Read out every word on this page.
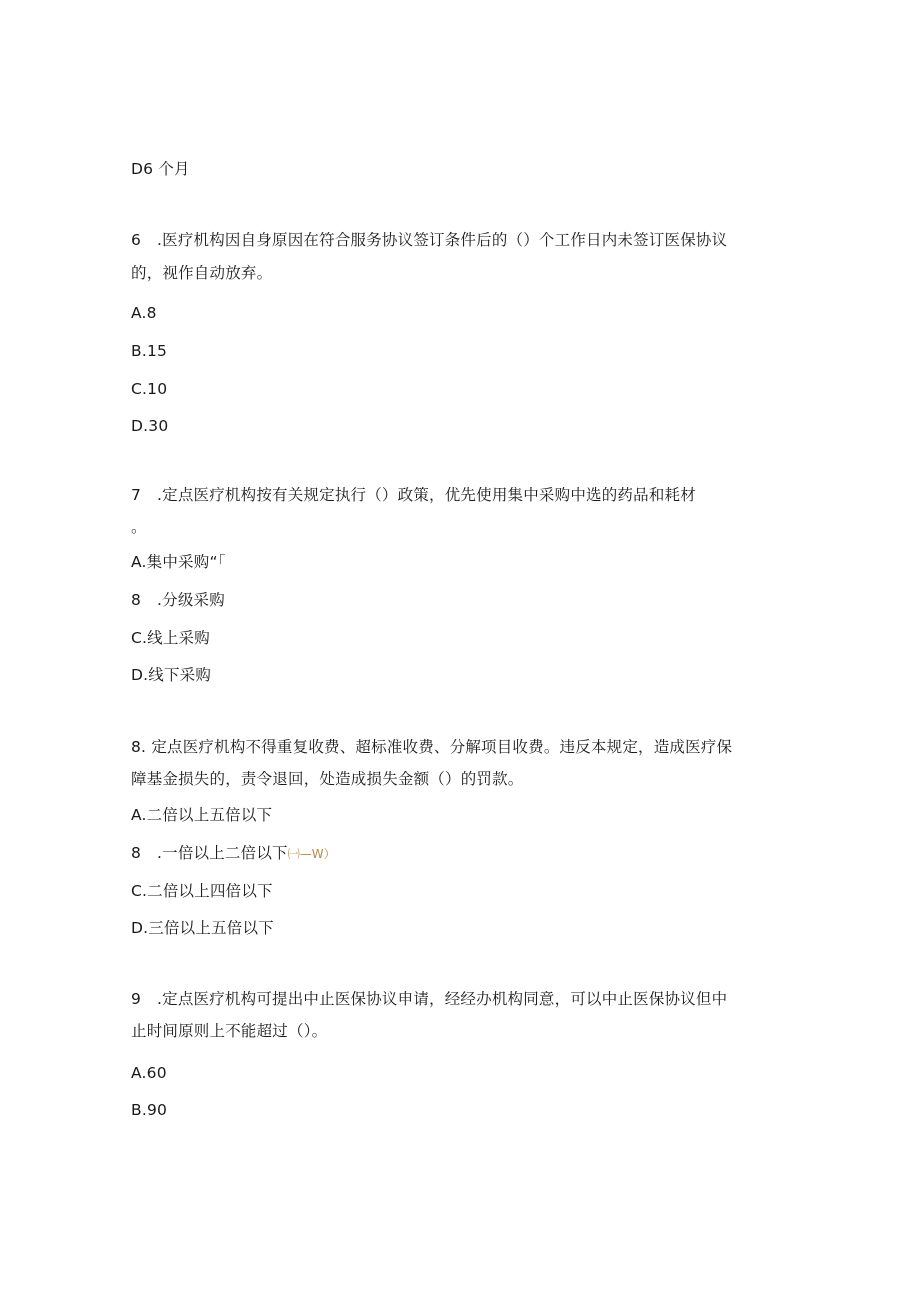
D6 个月
6 .医疗机构因自身原因在符合服务协议签订条件后的（）个工作日内未签订医保协议
的，视作自动放弃。
A.8
B.15
C.10
D.30
7 .定点医疗机构按有关规定执行（）政策，优先使用集中采购中选的药品和耗材
。
A.集中采购“「
8 .分级采购
C.线上采购
D.线下采购
8. 定点医疗机构不得重复收费、超标准收费、分解项目收费。违反本规定，造成医疗保
障基金损失的，责令退回，处造成损失金额（）的罚款。
A.二倍以上五倍以下
8 .一倍以上二倍以下㈠—W）
C.二倍以上四倍以下
D.三倍以上五倍以下
9 .定点医疗机构可提出中止医保协议申请，经经办机构同意，可以中止医保协议但中
止时间原则上不能超过（）。
A.60
B.90
